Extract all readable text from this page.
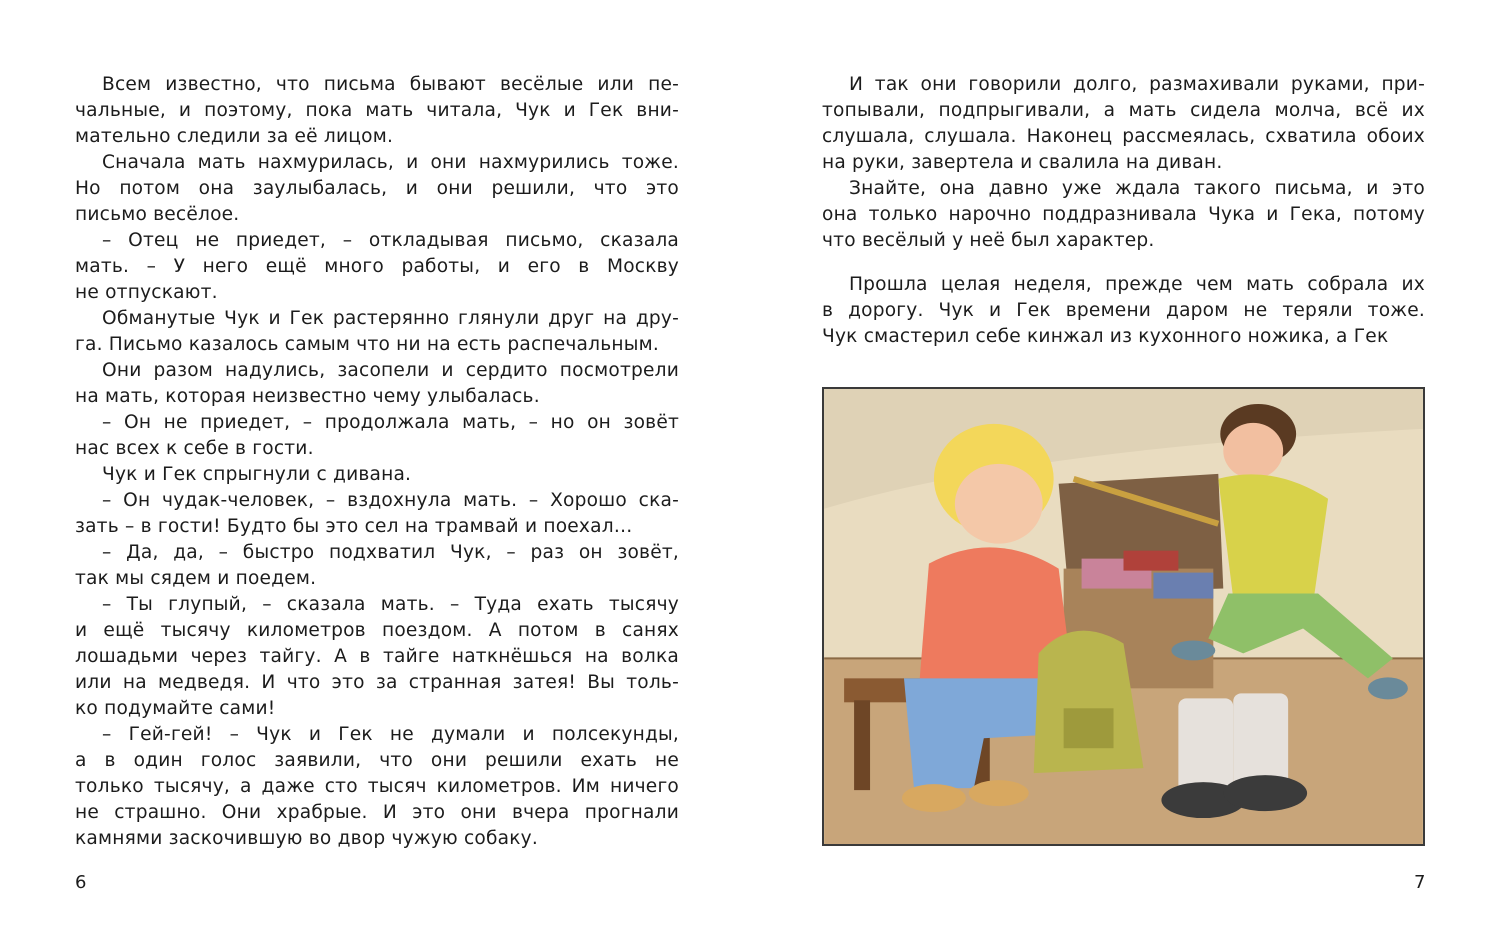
Всем известно, что письма бывают весёлые или пе-
чальные, и поэтому, пока мать читала, Чук и Гек вни-
мательно следили за её лицом.

Сначала мать нахмурилась, и они нахмурились тоже.
Но потом она заулыбалась, и они решили, что это
письмо весёлое.

– Отец не приедет, – откладывая письмо, сказала
мать. – У него ещё много работы, и его в Москву
не отпускают.

Обманутые Чук и Гек растерянно глянули друг на дру-
га. Письмо казалось самым что ни на есть распечальным.

Они разом надулись, засопели и сердито посмотрели
на мать, которая неизвестно чему улыбалась.

– Он не приедет, – продолжала мать, – но он зовёт
нас всех к себе в гости.

Чук и Гек спрыгнули с дивана.

– Он чудак-человек, – вздохнула мать. – Хорошо ска-
зать – в гости! Будто бы это сел на трамвай и поехал…

– Да, да, – быстро подхватил Чук, – раз он зовёт,
так мы сядем и поедем.

– Ты глупый, – сказала мать. – Туда ехать тысячу
и ещё тысячу километров поездом. А потом в санях
лошадьми через тайгу. А в тайге наткнёшься на волка
или на медведя. И что это за странная затея! Вы толь-
ко подумайте сами!

– Гей-гей! – Чук и Гек не думали и полсекунды,
а в один голос заявили, что они решили ехать не
только тысячу, а даже сто тысяч километров. Им ничего
не страшно. Они храбрые. И это они вчера прогнали
камнями заскочившую во двор чужую собаку.

6

И так они говорили долго, размахивали руками, при-
топывали, подпрыгивали, а мать сидела молча, всё их
слушала, слушала. Наконец рассмеялась, схватила обоих
на руки, завертела и свалила на диван.

Знайте, она давно уже ждала такого письма, и это
она только нарочно поддразнивала Чука и Гека, потому
что весёлый у неё был характер.

Прошла целая неделя, прежде чем мать собрала их
в дорогу. Чук и Гек времени даром не теряли тоже.
Чук смастерил себе кинжал из кухонного ножика, а Гек

7
